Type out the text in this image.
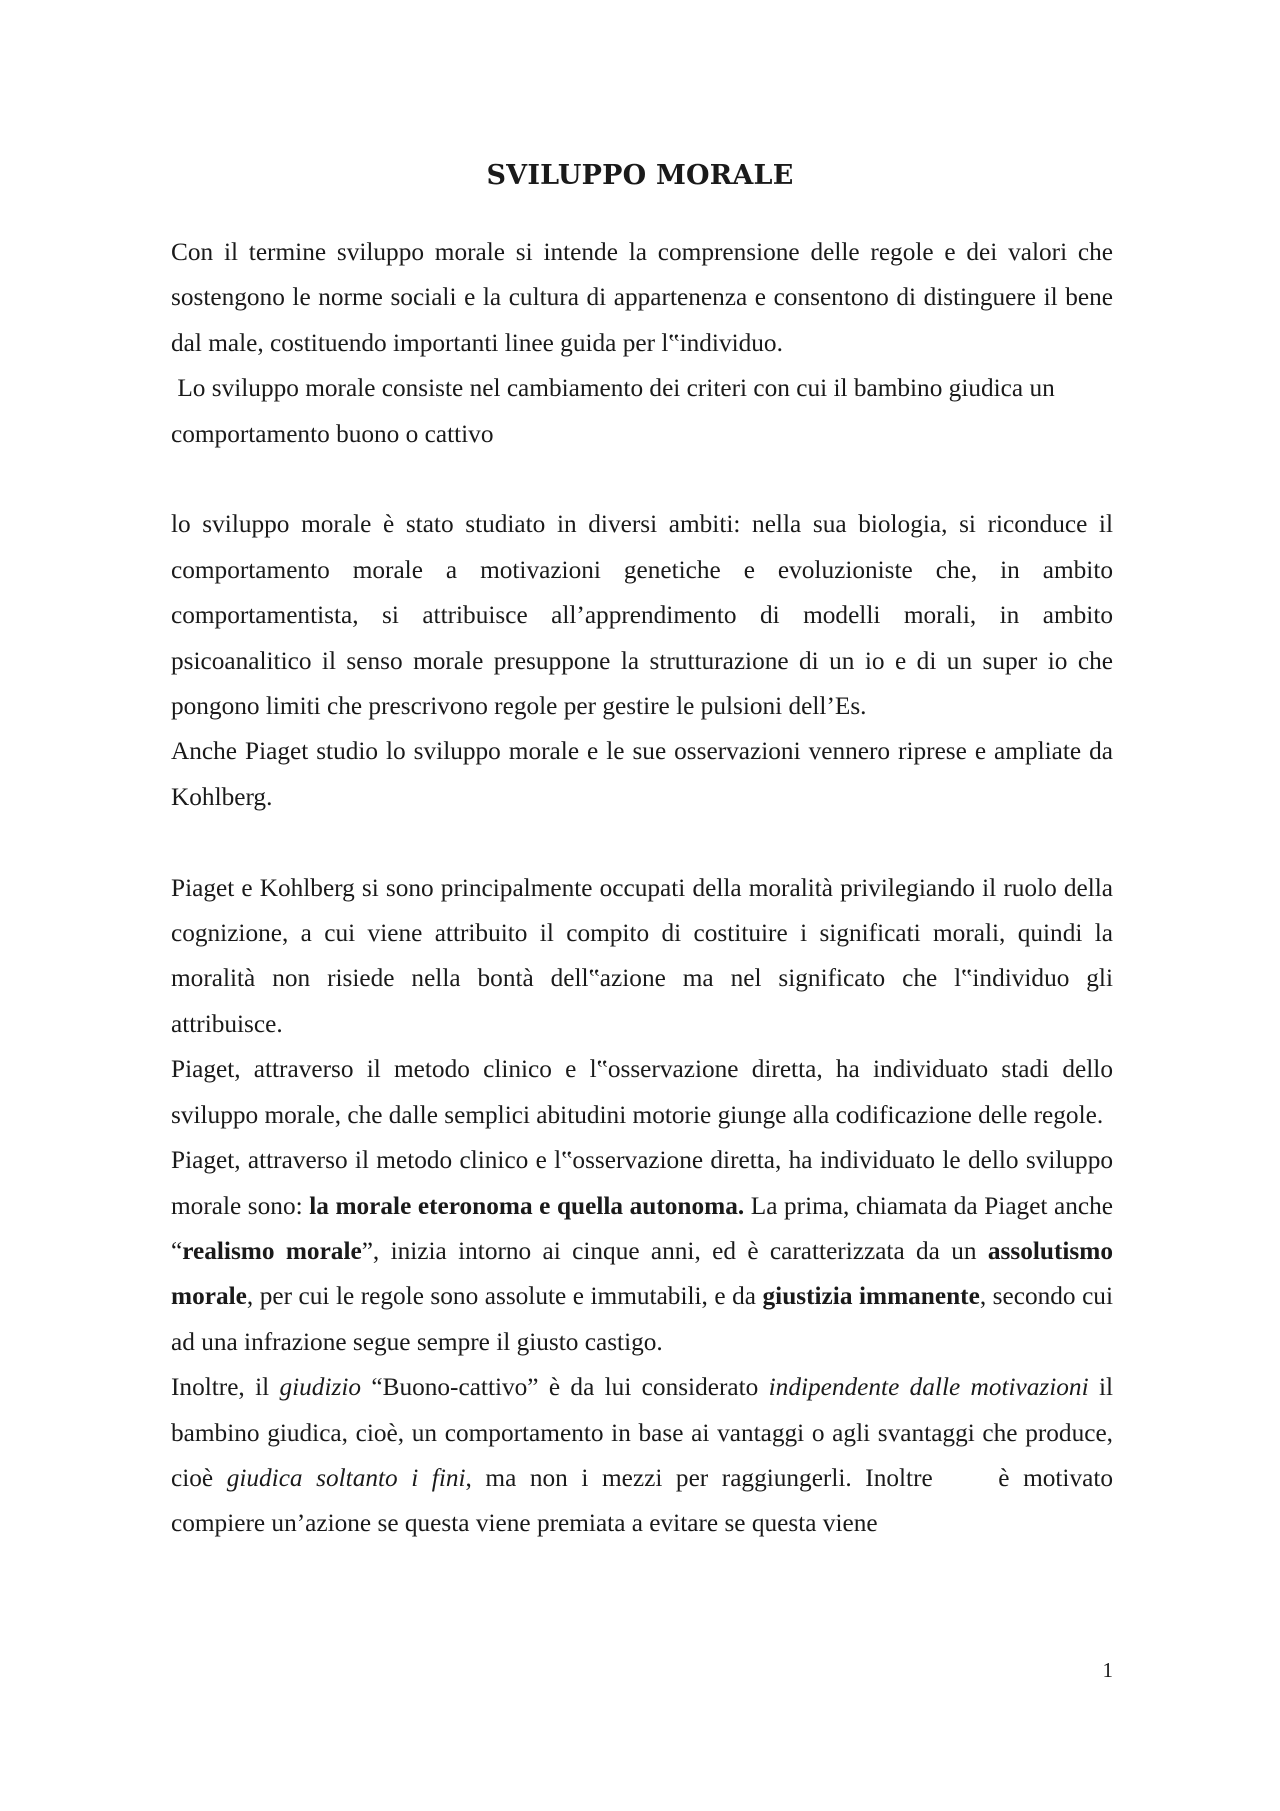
SVILUPPO MORALE

Con il termine sviluppo morale si intende la comprensione delle regole e dei valori che sostengono le norme sociali e la cultura di appartenenza e consentono di distinguere il bene dal male, costituendo importanti linee guida per l‟individuo.

Lo sviluppo morale consiste nel cambiamento dei criteri con cui il bambino giudica un comportamento buono o cattivo

lo sviluppo morale è stato studiato in diversi ambiti: nella sua biologia, si riconduce il comportamento morale a motivazioni genetiche e evoluzioniste che, in ambito comportamentista, si attribuisce all’apprendimento di modelli morali, in ambito psicoanalitico il senso morale presuppone la strutturazione di un io e di un super io che pongono limiti che prescrivono regole per gestire le pulsioni dell’Es.

Anche Piaget studio lo sviluppo morale e le sue osservazioni vennero riprese e ampliate da Kohlberg.

Piaget e Kohlberg si sono principalmente occupati della moralità privilegiando il ruolo della cognizione, a cui viene attribuito il compito di costituire i significati morali, quindi la moralità non risiede nella bontà dell‟azione ma nel significato che l‟individuo gli attribuisce.

Piaget, attraverso il metodo clinico e l‟osservazione diretta, ha individuato stadi dello sviluppo morale, che dalle semplici abitudini motorie giunge alla codificazione delle regole.

Piaget, attraverso il metodo clinico e l‟osservazione diretta, ha individuato le dello sviluppo morale sono: la morale eteronoma e quella autonoma. La prima, chiamata da Piaget anche “realismo morale”, inizia intorno ai cinque anni, ed è caratterizzata da un assolutismo morale, per cui le regole sono assolute e immutabili, e da giustizia immanente, secondo cui ad una infrazione segue sempre il giusto castigo.

Inoltre, il giudizio “Buono-cattivo” è da lui considerato indipendente dalle motivazioni il bambino giudica, cioè, un comportamento in base ai vantaggi o agli svantaggi che produce, cioè giudica soltanto i fini, ma non i mezzi per raggiungerli. Inoltre è motivato compiere un’azione se questa viene premiata a evitare se questa viene

1
